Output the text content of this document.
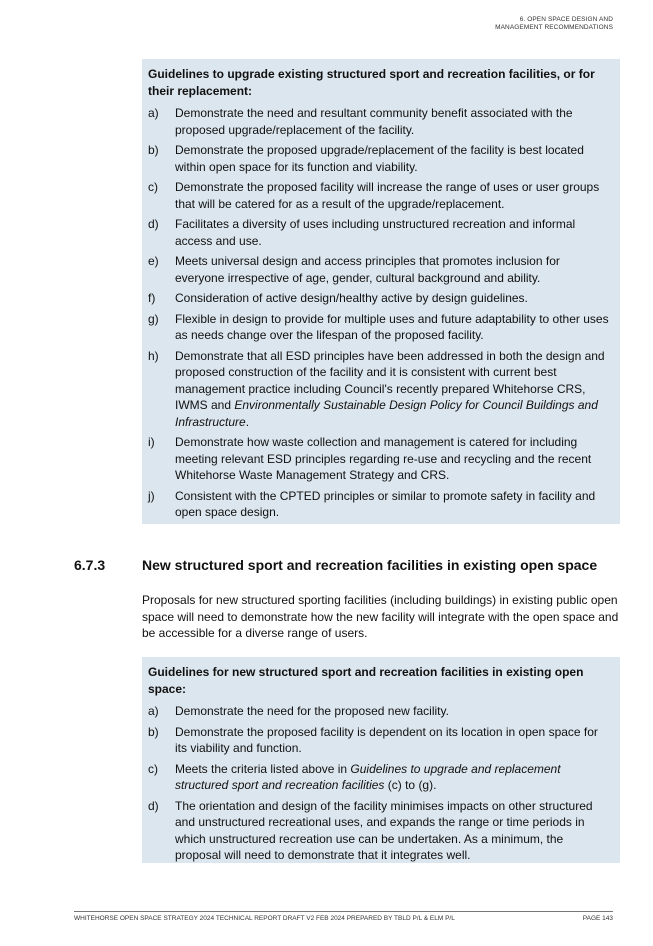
6. OPEN SPACE DESIGN AND
MANAGEMENT RECOMMENDATIONS
Guidelines to upgrade existing structured sport and recreation facilities, or for their replacement:
a)	Demonstrate the need and resultant community benefit associated with the proposed upgrade/replacement of the facility.
b)	Demonstrate the proposed upgrade/replacement of the facility is best located within open space for its function and viability.
c)	Demonstrate the proposed facility will increase the range of uses or user groups that will be catered for as a result of the upgrade/replacement.
d)	Facilitates a diversity of uses including unstructured recreation and informal access and use.
e)	Meets universal design and access principles that promotes inclusion for everyone irrespective of age, gender, cultural background and ability.
f)	Consideration of active design/healthy active by design guidelines.
g)	Flexible in design to provide for multiple uses and future adaptability to other uses as needs change over the lifespan of the proposed facility.
h)	Demonstrate that all ESD principles have been addressed in both the design and proposed construction of the facility and it is consistent with current best management practice including Council's recently prepared Whitehorse CRS, IWMS and Environmentally Sustainable Design Policy for Council Buildings and Infrastructure.
i)	Demonstrate how waste collection and management is catered for including meeting relevant ESD principles regarding re-use and recycling and the recent Whitehorse Waste Management Strategy and CRS.
j)	Consistent with the CPTED principles or similar to promote safety in facility and open space design.
6.7.3	New structured sport and recreation facilities in existing open space
Proposals for new structured sporting facilities (including buildings) in existing public open space will need to demonstrate how the new facility will integrate with the open space and be accessible for a diverse range of users.
Guidelines for new structured sport and recreation facilities in existing open space:
a)	Demonstrate the need for the proposed new facility.
b)	Demonstrate the proposed facility is dependent on its location in open space for its viability and function.
c)	Meets the criteria listed above in Guidelines to upgrade and replacement structured sport and recreation facilities (c) to (g).
d)	The orientation and design of the facility minimises impacts on other structured and unstructured recreational uses, and expands the range or time periods in which unstructured recreation use can be undertaken. As a minimum, the proposal will need to demonstrate that it integrates well.
WHITEHORSE OPEN SPACE STRATEGY 2024 TECHNICAL REPORT DRAFT V2 FEB 2024 PREPARED BY TBLD P/L & ELM P/L	PAGE 143
